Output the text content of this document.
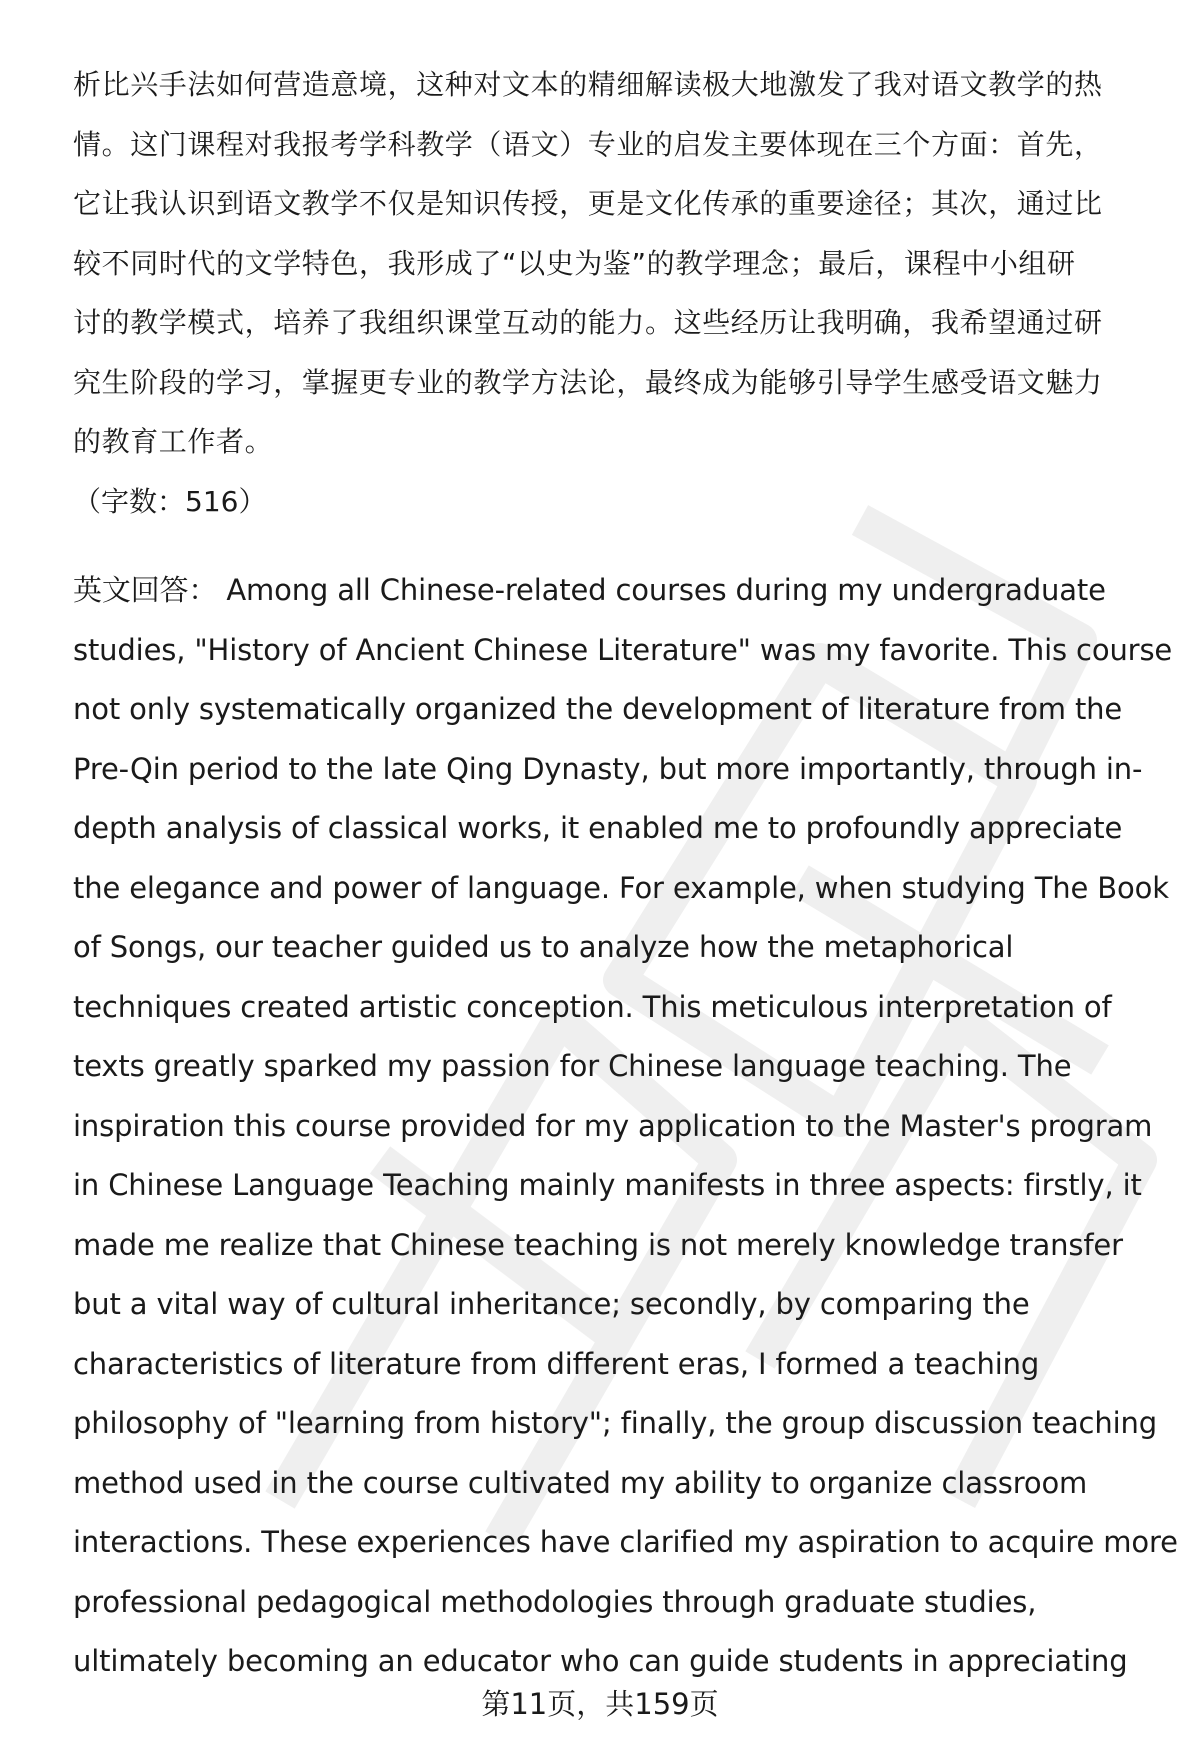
析比兴手法如何营造意境，这种对文本的精细解读极大地激发了我对语文教学的热
情。这门课程对我报考学科教学（语文）专业的启发主要体现在三个方面：首先，
它让我认识到语文教学不仅是知识传授，更是文化传承的重要途径；其次，通过比
较不同时代的文学特色，我形成了“以史为鉴”的教学理念；最后，课程中小组研
讨的教学模式，培养了我组织课堂互动的能力。这些经历让我明确，我希望通过研
究生阶段的学习，掌握更专业的教学方法论，最终成为能够引导学生感受语文魅力
的教育工作者。
（字数：516）
英文回答： Among all Chinese-related courses during my undergraduate
studies, "History of Ancient Chinese Literature" was my favorite. This course
not only systematically organized the development of literature from the
Pre-Qin period to the late Qing Dynasty, but more importantly, through in-
depth analysis of classical works, it enabled me to profoundly appreciate
the elegance and power of language. For example, when studying The Book
of Songs, our teacher guided us to analyze how the metaphorical
techniques created artistic conception. This meticulous interpretation of
texts greatly sparked my passion for Chinese language teaching. The
inspiration this course provided for my application to the Master's program
in Chinese Language Teaching mainly manifests in three aspects: firstly, it
made me realize that Chinese teaching is not merely knowledge transfer
but a vital way of cultural inheritance; secondly, by comparing the
characteristics of literature from different eras, I formed a teaching
philosophy of "learning from history"; finally, the group discussion teaching
method used in the course cultivated my ability to organize classroom
interactions. These experiences have clarified my aspiration to acquire more
professional pedagogical methodologies through graduate studies,
ultimately becoming an educator who can guide students in appreciating
第11页，共159页
